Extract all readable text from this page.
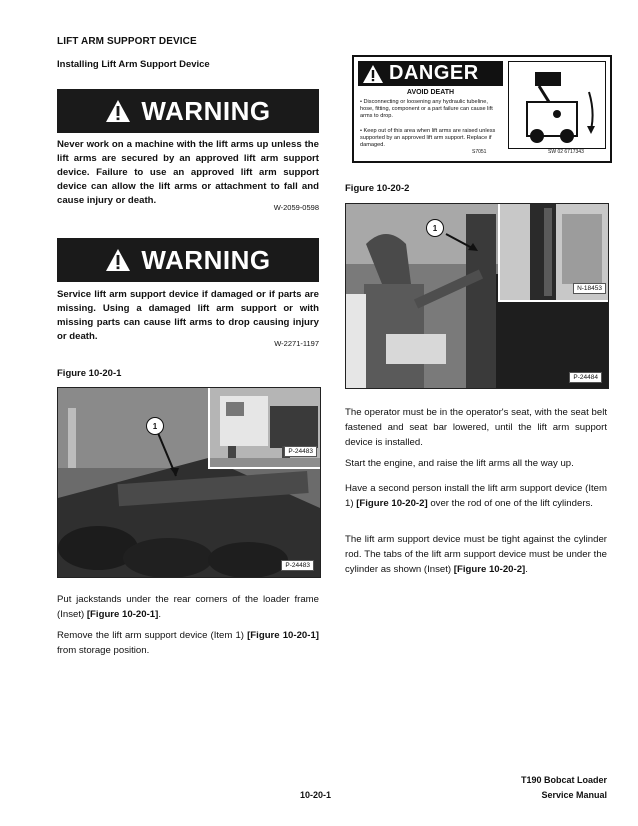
LIFT ARM SUPPORT DEVICE
Installing Lift Arm Support Device
WARNING
Never work on a machine with the lift arms up unless the lift arms are secured by an approved lift arm support device. Failure to use an approved lift arm support device can allow the lift arms or attachment to fall and cause injury or death.
W-2059-0598
WARNING
Service lift arm support device if damaged or if parts are missing. Using a damaged lift arm support or with missing parts can cause lift arms to drop causing injury or death.
W-2271-1197
Figure 10-20-1
P-24483
1
P-24483
Put jackstands under the rear corners of the loader frame (Inset) [Figure 10-20-1].
Remove the lift arm support device (Item 1) [Figure 10-20-1] from storage position.
DANGER
AVOID DEATH
• Disconnecting or loosening any hydraulic tubeline, hose, fitting, component or a part failure can cause lift arms to drop.
• Keep out of this area when lift arms are raised unless supported by an approved lift arm support. Replace if damaged.
S7051	SW 02 6717343
Figure 10-20-2
N-18453
1
P-24484
The operator must be in the operator's seat, with the seat belt fastened and seat bar lowered, until the lift arm support device is installed.
Start the engine, and raise the lift arms all the way up.
Have a second person install the lift arm support device (Item 1) [Figure 10-20-2] over the rod of one of the lift cylinders.
The lift arm support device must be tight against the cylinder rod. The tabs of the lift arm support device must be under the cylinder as shown (Inset) [Figure 10-20-2].
10-20-1
T190 Bobcat Loader
Service Manual
